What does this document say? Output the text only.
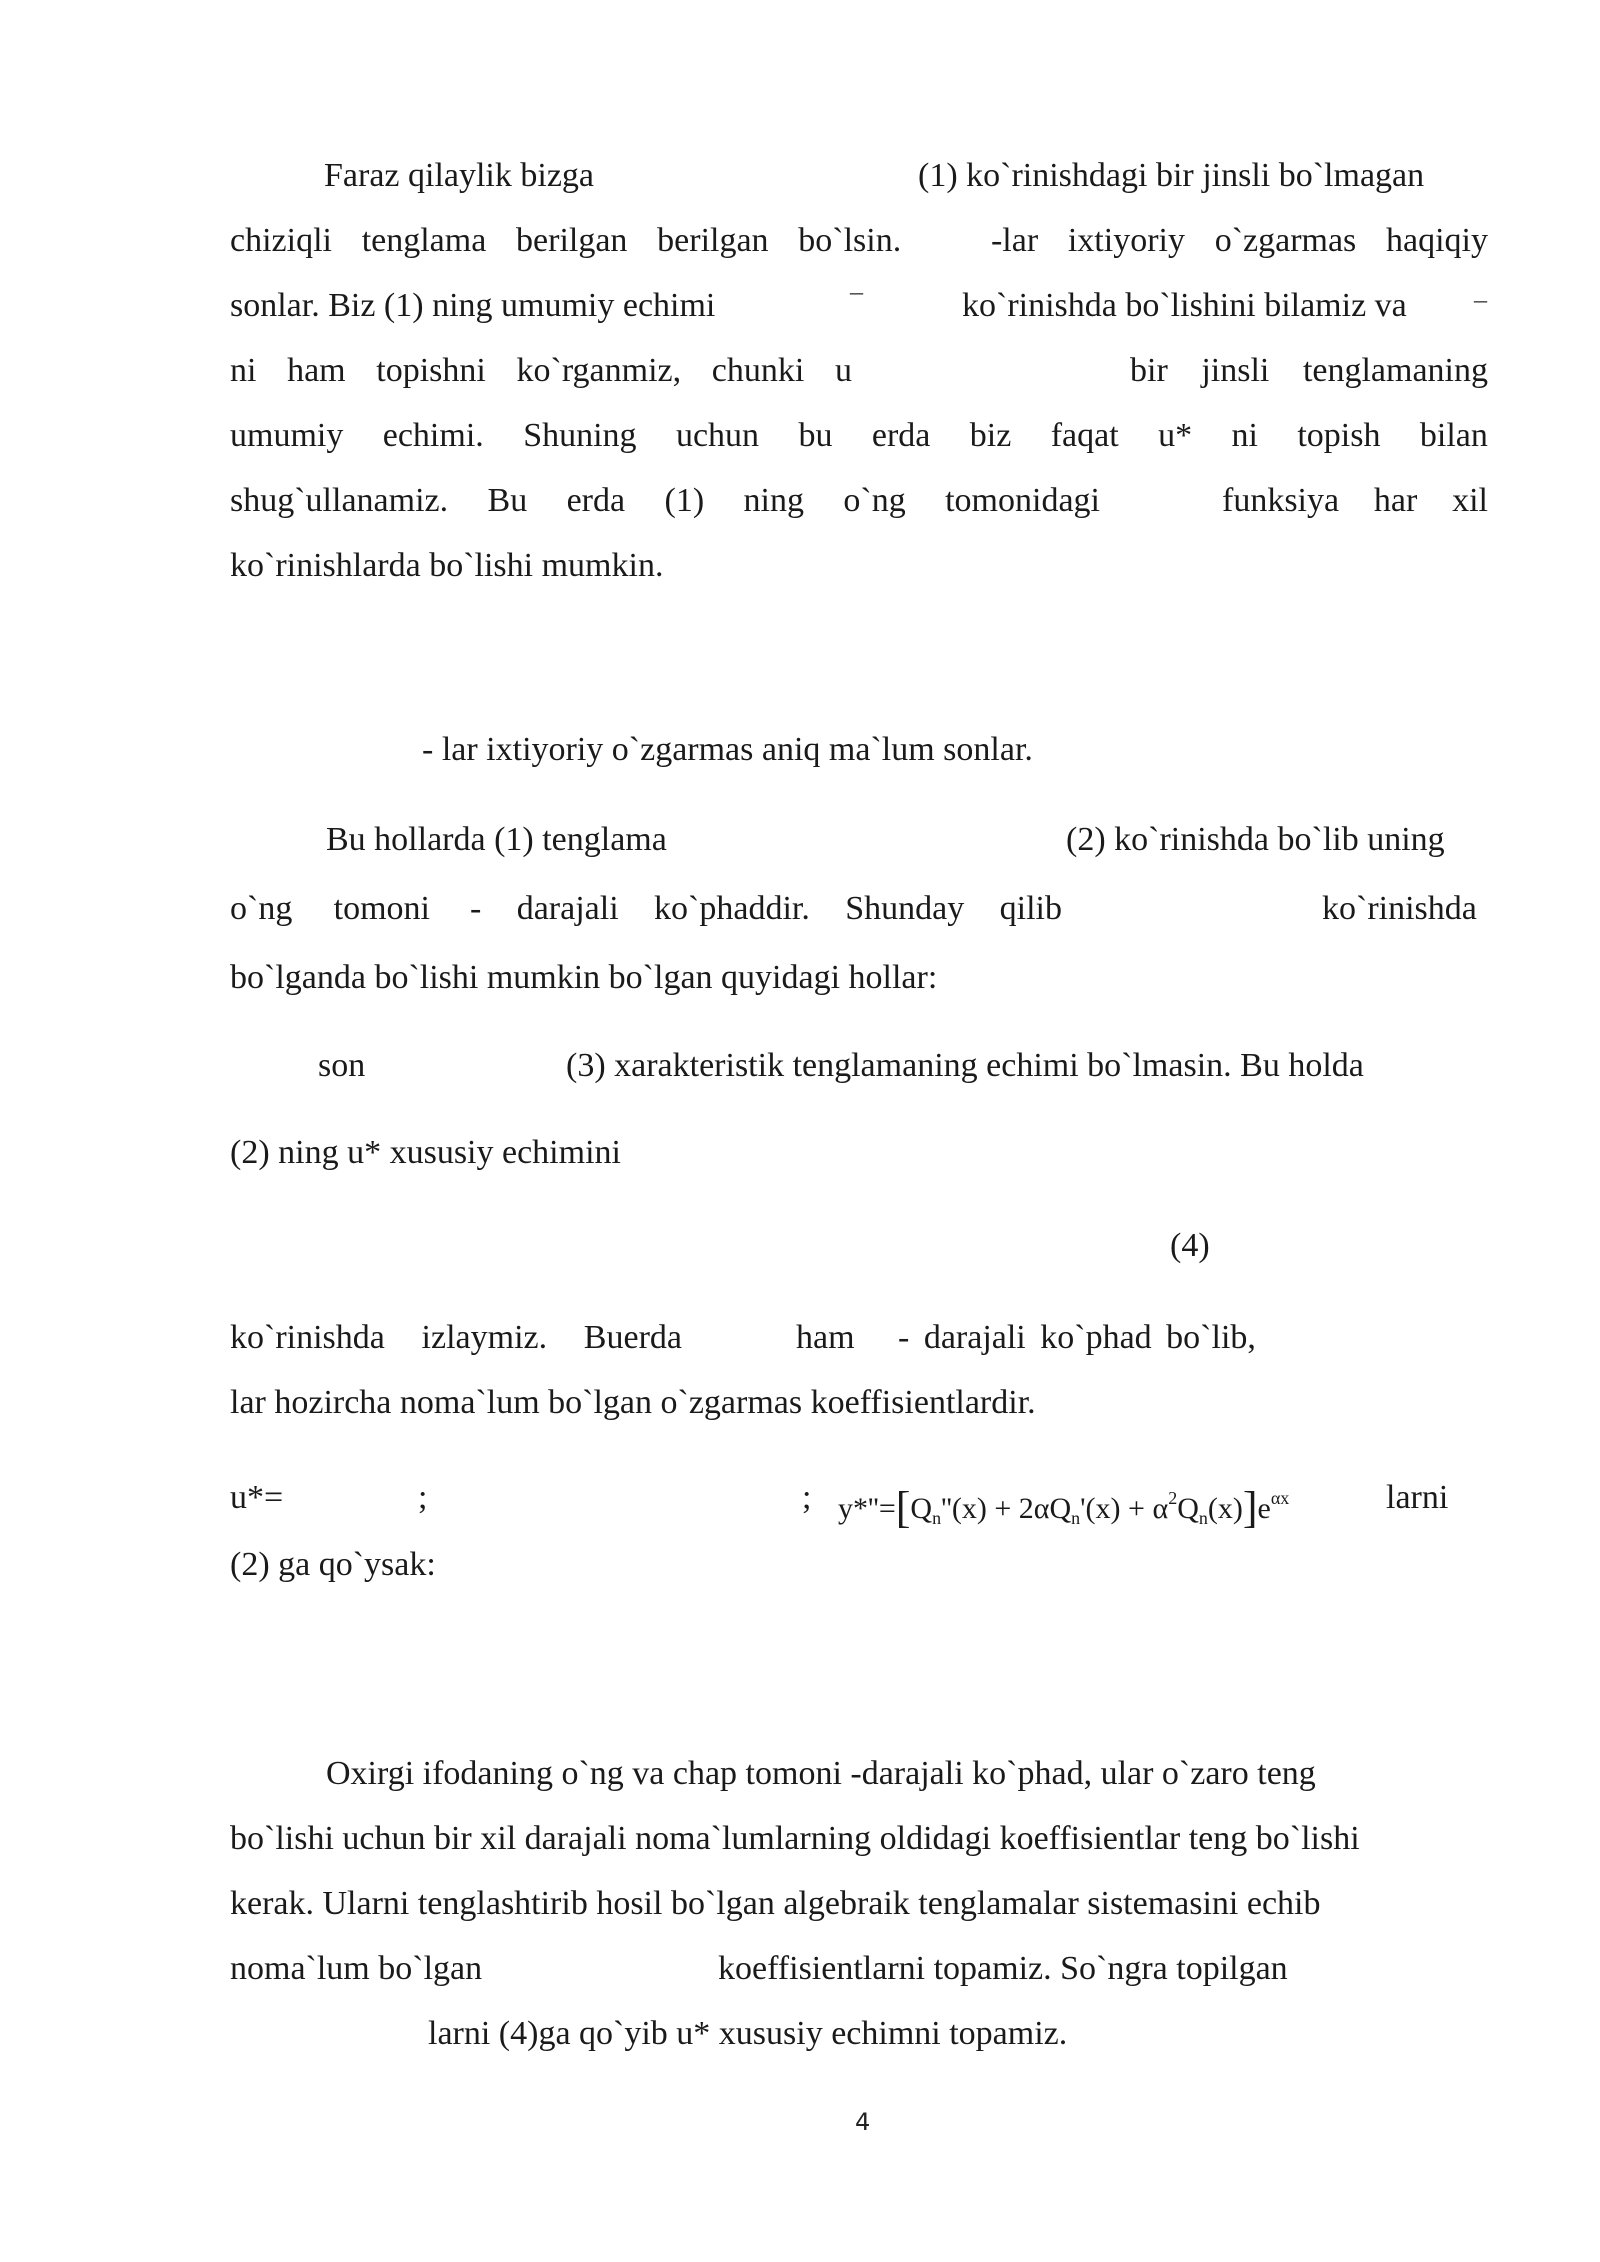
Faraz qilaylik bizga	(1) ko`rinishdagi bir jinsli bo`lmagan
chiziqli tenglama berilgan berilgan bo`lsin.	-lar ixtiyoriy o`zgarmas haqiqiy
sonlar. Biz (1) ning umumiy echimi
_
ko`rinishda bo`lishini bilamiz va	_
ni ham topishni ko`rganmiz, chunki u	bir jinsli tenglamaning
umumiy echimi. Shuning uchun bu erda biz faqat u* ni topish bilan
shug`ullanamiz. Bu erda (1) ning o`ng tomonidagi	funksiya har xil
ko`rinishlarda bo`lishi mumkin.
- lar ixtiyoriy o`zgarmas aniq ma`lum sonlar.
Bu hollarda (1) tenglama	(2) ko`rinishda bo`lib uning
o`ng tomoni - darajali ko`phaddir. Shunday qilib	ko`rinishda
bo`lganda bo`lishi mumkin bo`lgan quyidagi hollar:
son	(3) xarakteristik tenglamaning echimi bo`lmasin. Bu holda
(2) ning u* xususiy echimini
(4)
ko`rinishda izlaymiz. Buerda	ham - darajali ko`phad bo`lib,
lar hozircha noma`lum bo`lgan o`zgarmas koeffisientlardir.
u*=	;	; $y*''=[Q_n''(x) + 2\alpha Q_n'(x) + \alpha^2Q_n(x)]e^{\alpha x}$	larni
(2) ga qo`ysak:
Oxirgi ifodaning o`ng va chap tomoni -darajali ko`phad, ular o`zaro teng
bo`lishi uchun bir xil darajali noma`lumlarning oldidagi koeffisientlar teng bo`lishi
kerak. Ularni tenglashtirib hosil bo`lgan algebraik tenglamalar sistemasini echib
noma`lum bo`lgan	koeffisientlarni topamiz. So`ngra topilgan
larni (4)ga qo`yib u* xususiy echimni topamiz.
4
